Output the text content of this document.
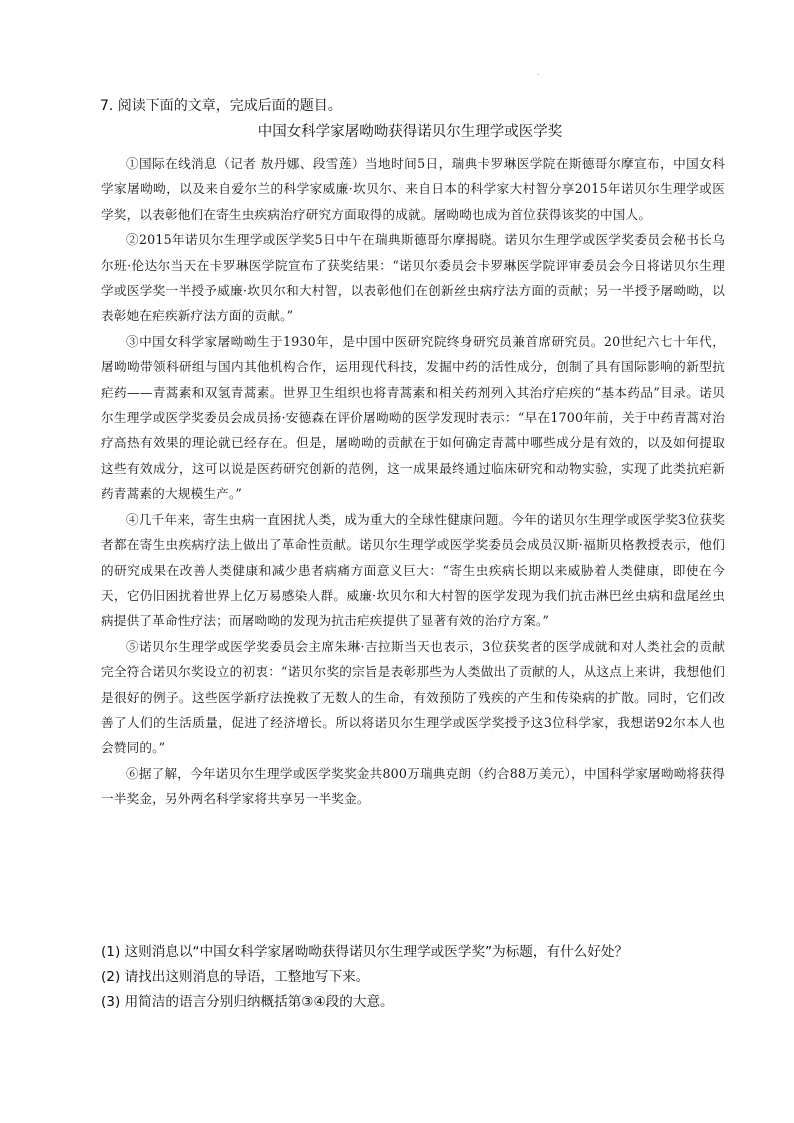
.
7. 阅读下面的文章，完成后面的题目。
中国女科学家屠呦呦获得诺贝尔生理学或医学奖

①国际在线消息（记者 敖丹娜、段雪莲）当地时间5日，瑞典卡罗琳医学院在斯德哥尔摩宣布，中国女科学家屠呦呦，以及来自爱尔兰的科学家威廉·坎贝尔、来自日本的科学家大村智分享2015年诺贝尔生理学或医学奖，以表彰他们在寄生虫疾病治疗研究方面取得的成就。屠呦呦也成为首位获得该奖的中国人。

②2015年诺贝尔生理学或医学奖5日中午在瑞典斯德哥尔摩揭晓。诺贝尔生理学或医学奖委员会秘书长乌尔班·伦达尔当天在卡罗琳医学院宣布了获奖结果：“诺贝尔委员会卡罗琳医学院评审委员会今日将诺贝尔生理学或医学奖一半授予威廉·坎贝尔和大村智，以表彰他们在创新丝虫病疗法方面的贡献；另一半授予屠呦呦，以表彰她在疟疾新疗法方面的贡献。”

③中国女科学家屠呦呦生于1930年，是中国中医研究院终身研究员兼首席研究员。20世纪六七十年代，屠呦呦带领科研组与国内其他机构合作，运用现代科技，发掘中药的活性成分，创制了具有国际影响的新型抗疟药——青蒿素和双氢青蒿素。世界卫生组织也将青蒿素和相关药剂列入其治疗疟疾的“基本药品”目录。诺贝尔生理学或医学奖委员会成员扬·安德森在评价屠呦呦的医学发现时表示：“早在1700年前，关于中药青蒿对治疗高热有效果的理论就已经存在。但是，屠呦呦的贡献在于如何确定青蒿中哪些成分是有效的，以及如何提取这些有效成分，这可以说是医药研究创新的范例，这一成果最终通过临床研究和动物实验，实现了此类抗疟新药青蒿素的大规模生产。”

④几千年来，寄生虫病一直困扰人类，成为重大的全球性健康问题。今年的诺贝尔生理学或医学奖3位获奖者都在寄生虫疾病疗法上做出了革命性贡献。诺贝尔生理学或医学奖委员会成员汉斯·福斯贝格教授表示，他们的研究成果在改善人类健康和减少患者病痛方面意义巨大：“寄生虫疾病长期以来威胁着人类健康，即使在今天，它仍旧困扰着世界上亿万易感染人群。威廉·坎贝尔和大村智的医学发现为我们抗击淋巴丝虫病和盘尾丝虫病提供了革命性疗法；而屠呦呦的发现为抗击疟疾提供了显著有效的治疗方案。”

⑤诺贝尔生理学或医学奖委员会主席朱琳·吉拉斯当天也表示，3位获奖者的医学成就和对人类社会的贡献完全符合诺贝尔奖设立的初衷：“诺贝尔奖的宗旨是表彰那些为人类做出了贡献的人，从这点上来讲，我想他们是很好的例子。这些医学新疗法挽救了无数人的生命，有效预防了残疾的产生和传染病的扩散。同时，它们改善了人们的生活质量，促进了经济增长。所以将诺贝尔生理学或医学奖授予这3位科学家，我想诺92尔本人也会赞同的。”

⑥据了解，今年诺贝尔生理学或医学奖奖金共800万瑞典克朗（约合88万美元），中国科学家屠呦呦将获得一半奖金，另外两名科学家将共享另一半奖金。

(1) 这则消息以“中国女科学家屠呦呦获得诺贝尔生理学或医学奖”为标题，有什么好处？
(2) 请找出这则消息的导语，工整地写下来。
(3) 用简洁的语言分别归纳概括第③④段的大意。
